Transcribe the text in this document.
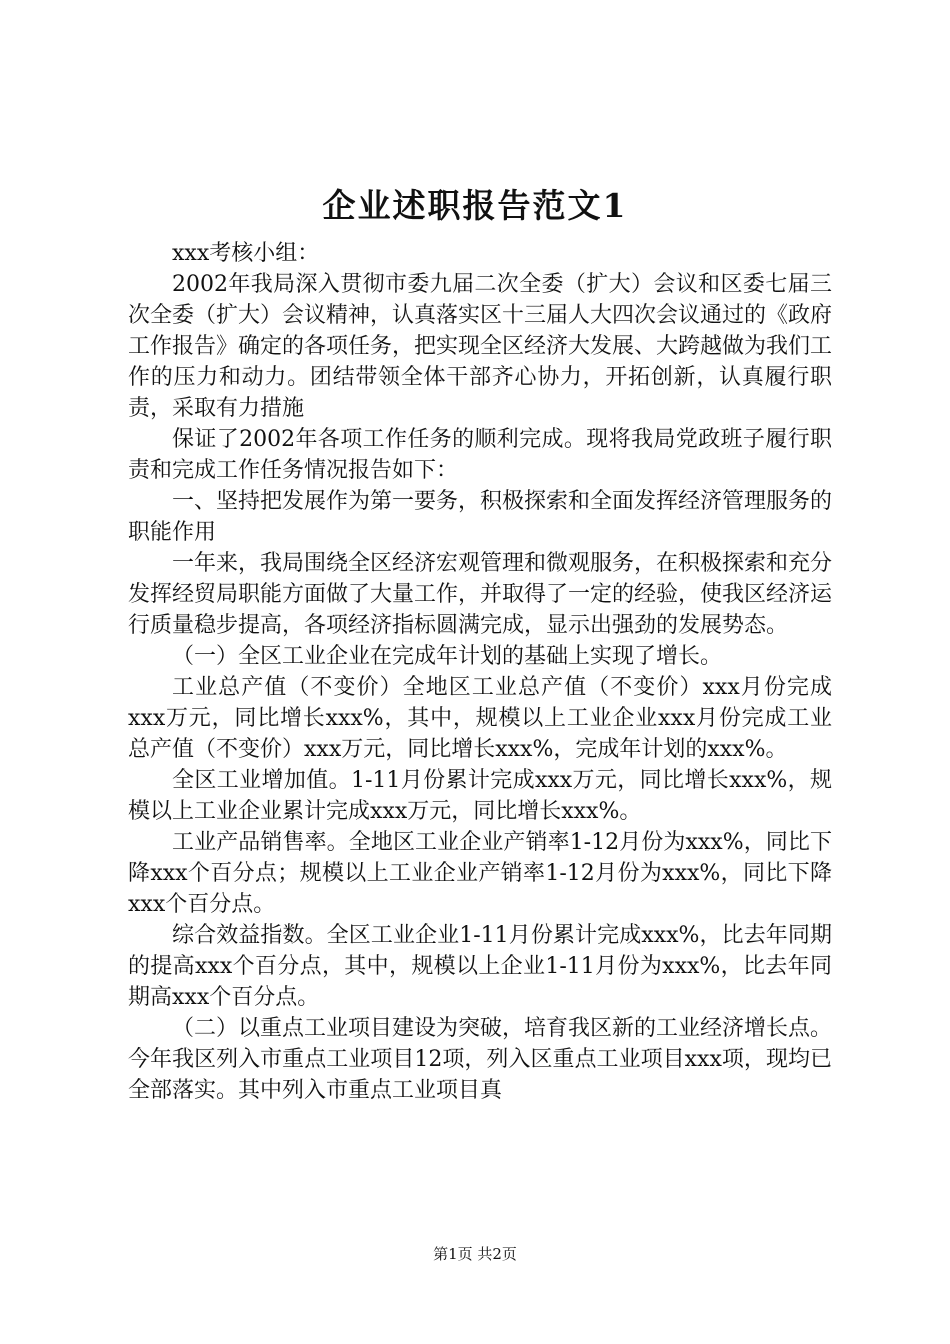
企业述职报告范文1

xxx考核小组：

2002年我局深入贯彻市委九届二次全委（扩大）会议和区委七届三次全委（扩大）会议精神，认真落实区十三届人大四次会议通过的《政府工作报告》确定的各项任务，把实现全区经济大发展、大跨越做为我们工作的压力和动力。团结带领全体干部齐心协力，开拓创新，认真履行职责，采取有力措施

保证了2002年各项工作任务的顺利完成。现将我局党政班子履行职责和完成工作任务情况报告如下：

一、坚持把发展作为第一要务，积极探索和全面发挥经济管理服务的职能作用

一年来，我局围绕全区经济宏观管理和微观服务，在积极探索和充分发挥经贸局职能方面做了大量工作，并取得了一定的经验，使我区经济运行质量稳步提高，各项经济指标圆满完成，显示出强劲的发展势态。

（一）全区工业企业在完成年计划的基础上实现了增长。

工业总产值（不变价）全地区工业总产值（不变价）xxx月份完成xxx万元，同比增长xxx%，其中，规模以上工业企业xxx月份完成工业总产值（不变价）xxx万元，同比增长xxx%，完成年计划的xxx%。

全区工业增加值。1-11月份累计完成xxx万元，同比增长xxx%，规模以上工业企业累计完成xxx万元，同比增长xxx%。

工业产品销售率。全地区工业企业产销率1-12月份为xxx%，同比下降xxx个百分点；规模以上工业企业产销率1-12月份为xxx%，同比下降xxx个百分点。

综合效益指数。全区工业企业1-11月份累计完成xxx%，比去年同期的提高xxx个百分点，其中，规模以上企业1-11月份为xxx%，比去年同期高xxx个百分点。

（二）以重点工业项目建设为突破，培育我区新的工业经济增长点。今年我区列入市重点工业项目12项，列入区重点工业项目xxx项，现均已全部落实。其中列入市重点工业项目真

第1页 共2页
